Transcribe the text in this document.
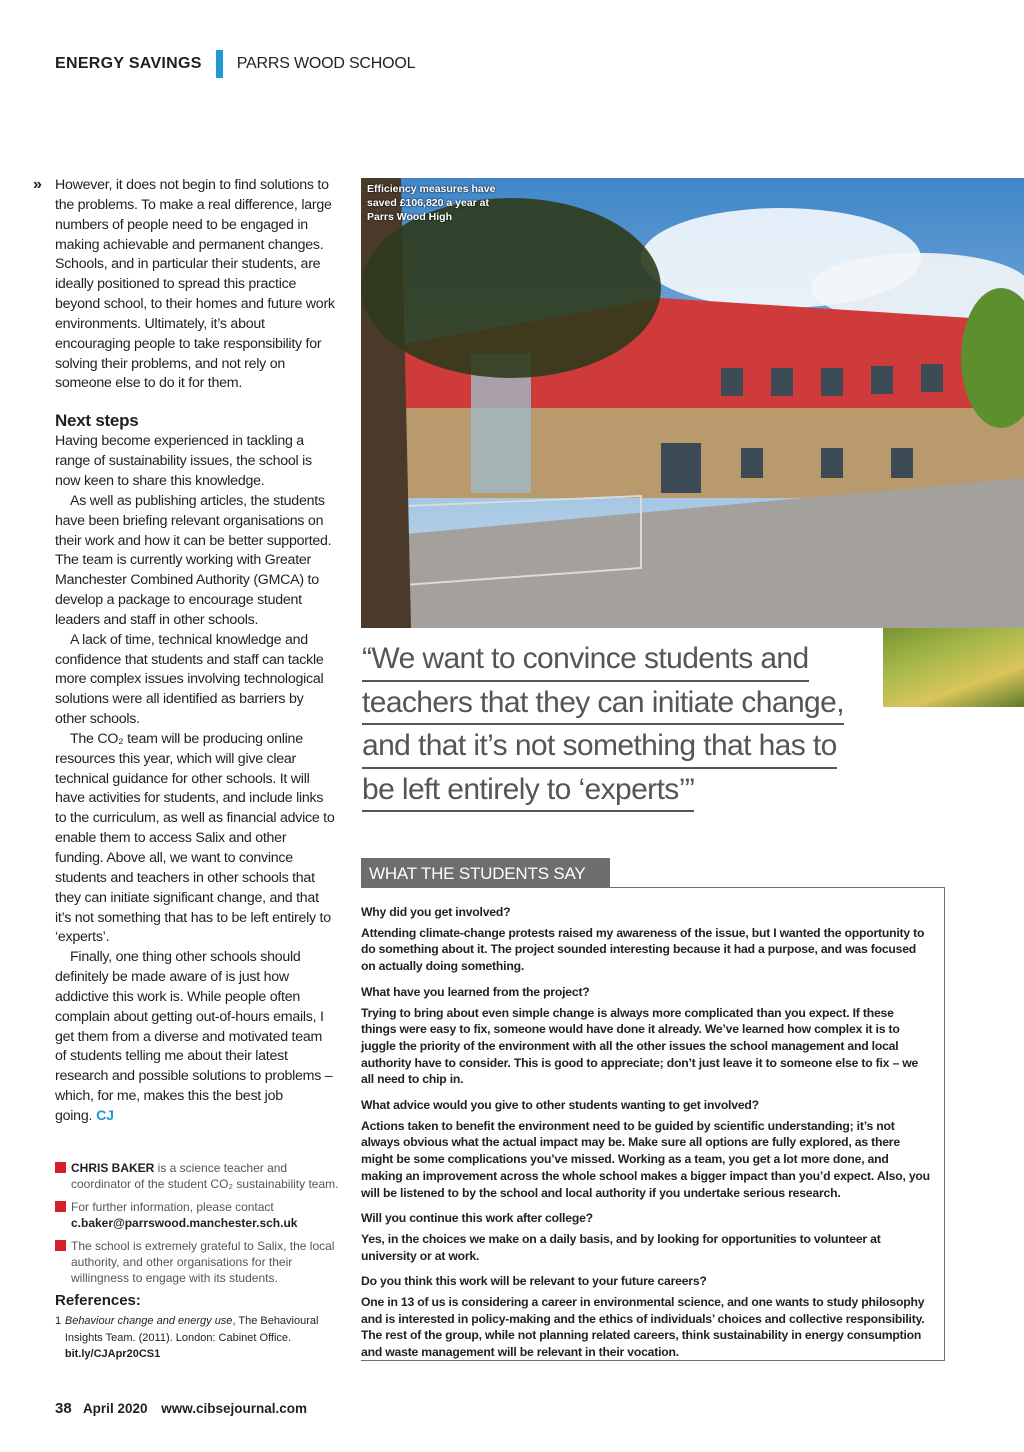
ENERGY SAVINGS PARRS WOOD SCHOOL

» However, it does not begin to find solutions to the problems. To make a real difference, large numbers of people need to be engaged in making achievable and permanent changes. Schools, and in particular their students, are ideally positioned to spread this practice beyond school, to their homes and future work environments. Ultimately, it’s about encouraging people to take responsibility for solving their problems, and not rely on someone else to do it for them.

Next steps

Having become experienced in tackling a range of sustainability issues, the school is now keen to share this knowledge.

As well as publishing articles, the students have been briefing relevant organisations on their work and how it can be better supported. The team is currently working with Greater Manchester Combined Authority (GMCA) to develop a package to encourage student leaders and staff in other schools.

A lack of time, technical knowledge and confidence that students and staff can tackle more complex issues involving technological solutions were all identified as barriers by other schools.

The CO₂ team will be producing online resources this year, which will give clear technical guidance for other schools. It will have activities for students, and include links to the curriculum, as well as financial advice to enable them to access Salix and other funding. Above all, we want to convince students and teachers in other schools that they can initiate significant change, and that it’s not something that has to be left entirely to ‘experts’.

Finally, one thing other schools should definitely be made aware of is just how addictive this work is. While people often complain about getting out-of-hours emails, I get them from a diverse and motivated team of students telling me about their latest research and possible solutions to problems – which, for me, makes this the best job going. CJ

CHRIS BAKER is a science teacher and coordinator of the student CO₂ sustainability team.
For further information, please contact
c.baker@parrswood.manchester.sch.uk
The school is extremely grateful to Salix, the local authority, and other organisations for their willingness to engage with its students.
References:
1 Behaviour change and energy use, The Behavioural Insights Team. (2011). London: Cabinet Office.
bit.ly/CJApr20CS1
38 April 2020 www.cibsejournal.com
Efficiency measures have saved £106,820 a year at Parrs Wood High
“We want to convince students and
teachers that they can initiate change,
and that it’s not something that has to
be left entirely to ‘experts’”
WHAT THE STUDENTS SAY
Why did you get involved?
Attending climate-change protests raised my awareness of the issue, but I wanted the opportunity to do something about it. The project sounded interesting because it had a purpose, and was focused on actually doing something.
What have you learned from the project?
Trying to bring about even simple change is always more complicated than you expect. If these things were easy to fix, someone would have done it already. We’ve learned how complex it is to juggle the priority of the environment with all the other issues the school management and local authority have to consider. This is good to appreciate; don’t just leave it to someone else to fix – we all need to chip in.
What advice would you give to other students wanting to get involved?
Actions taken to benefit the environment need to be guided by scientific understanding; it’s not always obvious what the actual impact may be. Make sure all options are fully explored, as there might be some complications you’ve missed. Working as a team, you get a lot more done, and making an improvement across the whole school makes a bigger impact than you’d expect. Also, you will be listened to by the school and local authority if you undertake serious research.
Will you continue this work after college?
Yes, in the choices we make on a daily basis, and by looking for opportunities to volunteer at university or at work.
Do you think this work will be relevant to your future careers?
One in 13 of us is considering a career in environmental science, and one wants to study philosophy and is interested in policy-making and the ethics of individuals’ choices and collective responsibility. The rest of the group, while not planning related careers, think sustainability in energy consumption and waste management will be relevant in their vocation.
